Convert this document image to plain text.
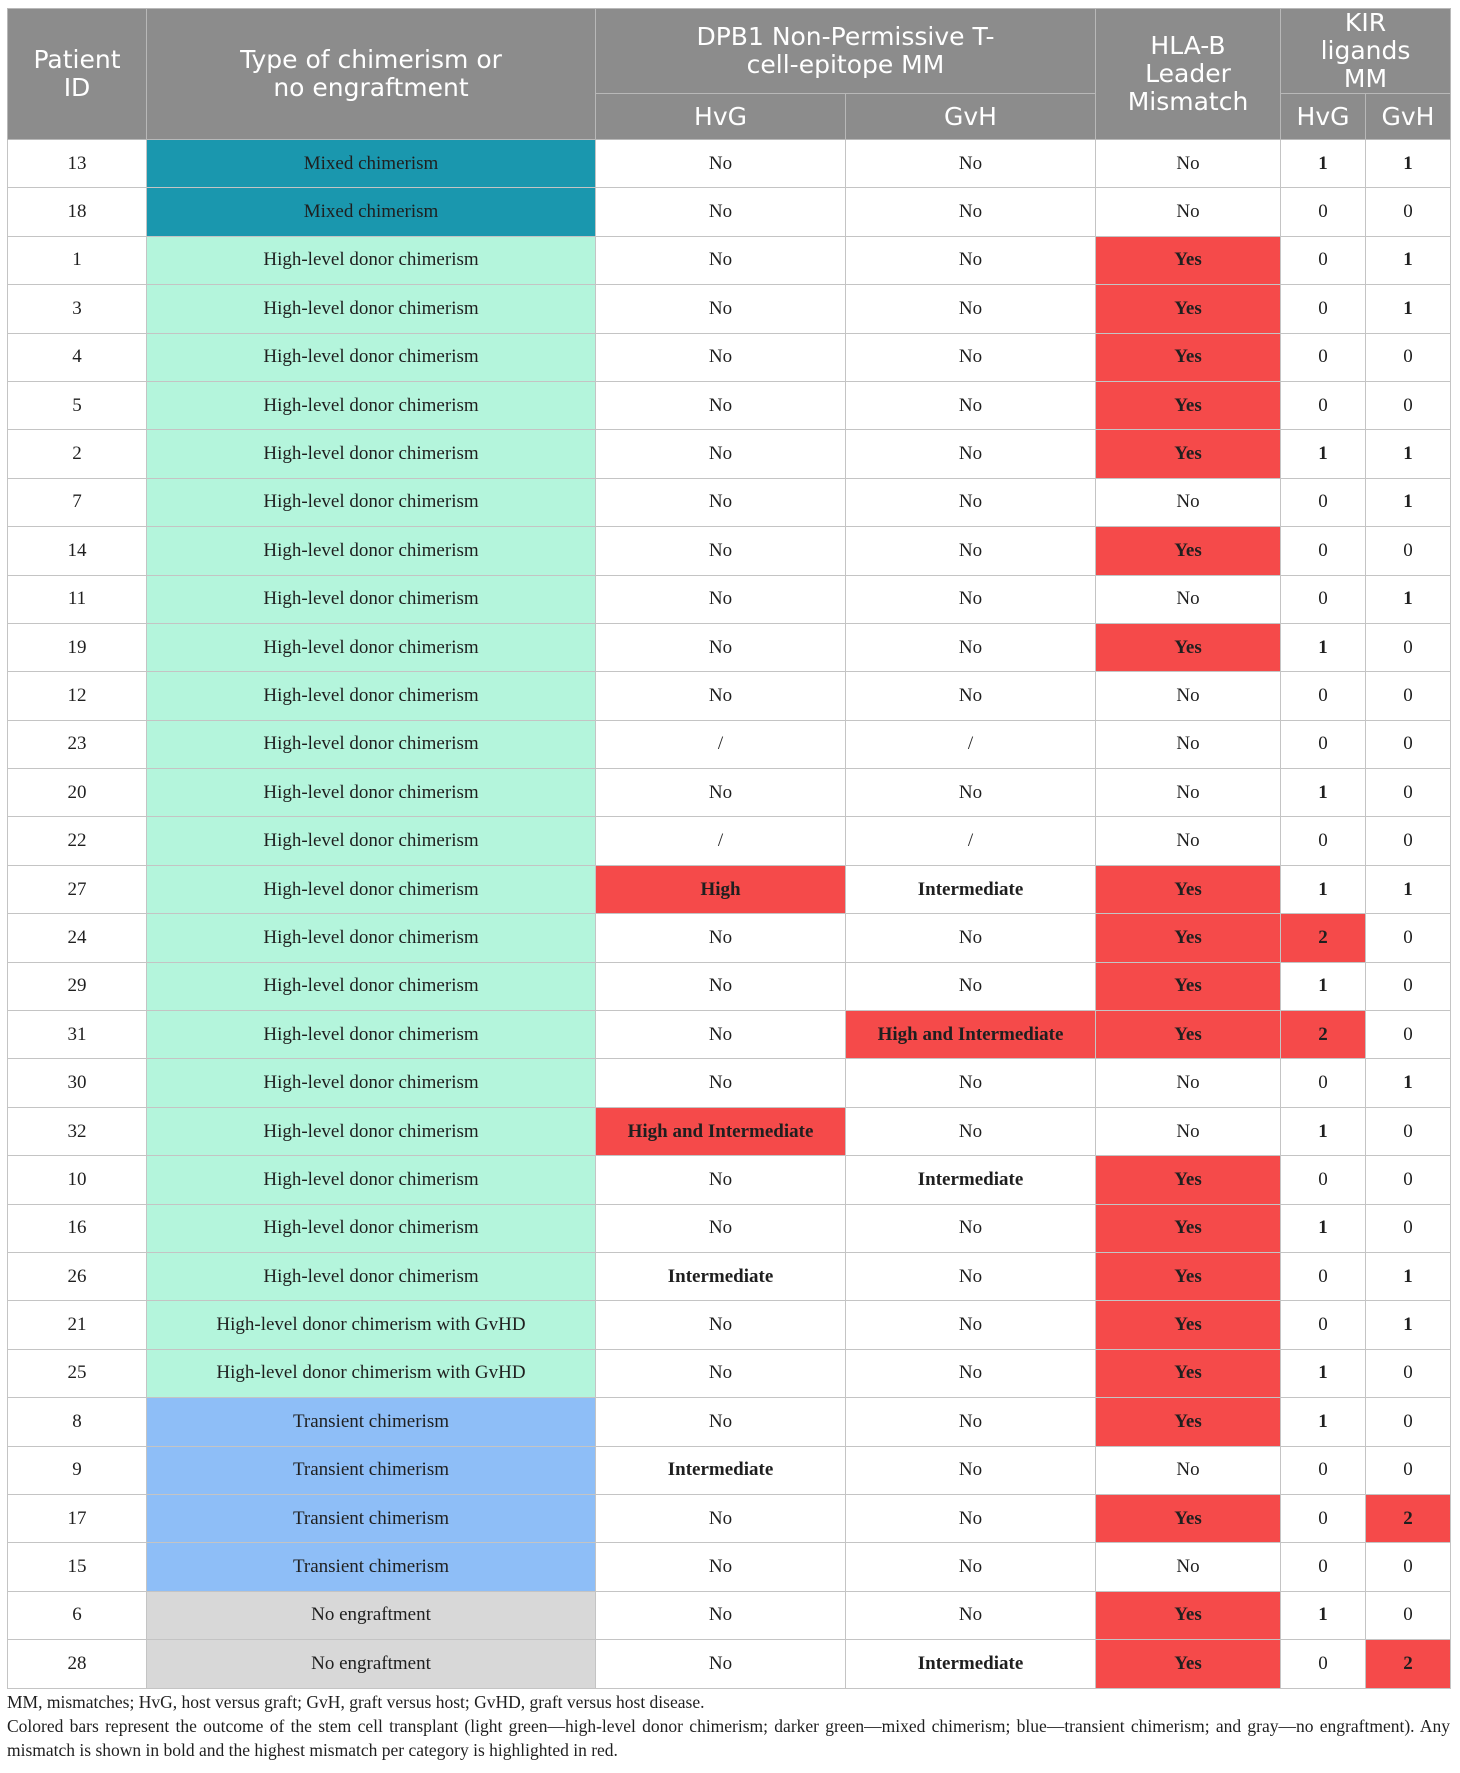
Patient ID	Type of chimerism or no engraftment	DPB1 Non-Permissive T-cell-epitope MM		HLA-B Leader Mismatch	KIR ligands MM	
		HvG	GvH		HvG	GvH
13	Mixed chimerism	No	No	No	1	1
18	Mixed chimerism	No	No	No	0	0
1	High-level donor chimerism	No	No	Yes	0	1
3	High-level donor chimerism	No	No	Yes	0	1
4	High-level donor chimerism	No	No	Yes	0	0
5	High-level donor chimerism	No	No	Yes	0	0
2	High-level donor chimerism	No	No	Yes	1	1
7	High-level donor chimerism	No	No	No	0	1
14	High-level donor chimerism	No	No	Yes	0	0
11	High-level donor chimerism	No	No	No	0	1
19	High-level donor chimerism	No	No	Yes	1	0
12	High-level donor chimerism	No	No	No	0	0
23	High-level donor chimerism	/	/	No	0	0
20	High-level donor chimerism	No	No	No	1	0
22	High-level donor chimerism	/	/	No	0	0
27	High-level donor chimerism	High	Intermediate	Yes	1	1
24	High-level donor chimerism	No	No	Yes	2	0
29	High-level donor chimerism	No	No	Yes	1	0
31	High-level donor chimerism	No	High and Intermediate	Yes	2	0
30	High-level donor chimerism	No	No	No	0	1
32	High-level donor chimerism	High and Intermediate	No	No	1	0
10	High-level donor chimerism	No	Intermediate	Yes	0	0
16	High-level donor chimerism	No	No	Yes	1	0
26	High-level donor chimerism	Intermediate	No	Yes	0	1
21	High-level donor chimerism with GvHD	No	No	Yes	0	1
25	High-level donor chimerism with GvHD	No	No	Yes	1	0
8	Transient chimerism	No	No	Yes	1	0
9	Transient chimerism	Intermediate	No	No	0	0
17	Transient chimerism	No	No	Yes	0	2
15	Transient chimerism	No	No	No	0	0
6	No engraftment	No	No	Yes	1	0
28	No engraftment	No	Intermediate	Yes	0	2

MM, mismatches; HvG, host versus graft; GvH, graft versus host; GvHD, graft versus host disease.

Colored bars represent the outcome of the stem cell transplant (light green—high-level donor chimerism; darker green—mixed chimerism; blue—transient chimerism; and gray—no engraftment). Any mismatch is shown in bold and the highest mismatch per category is highlighted in red.
